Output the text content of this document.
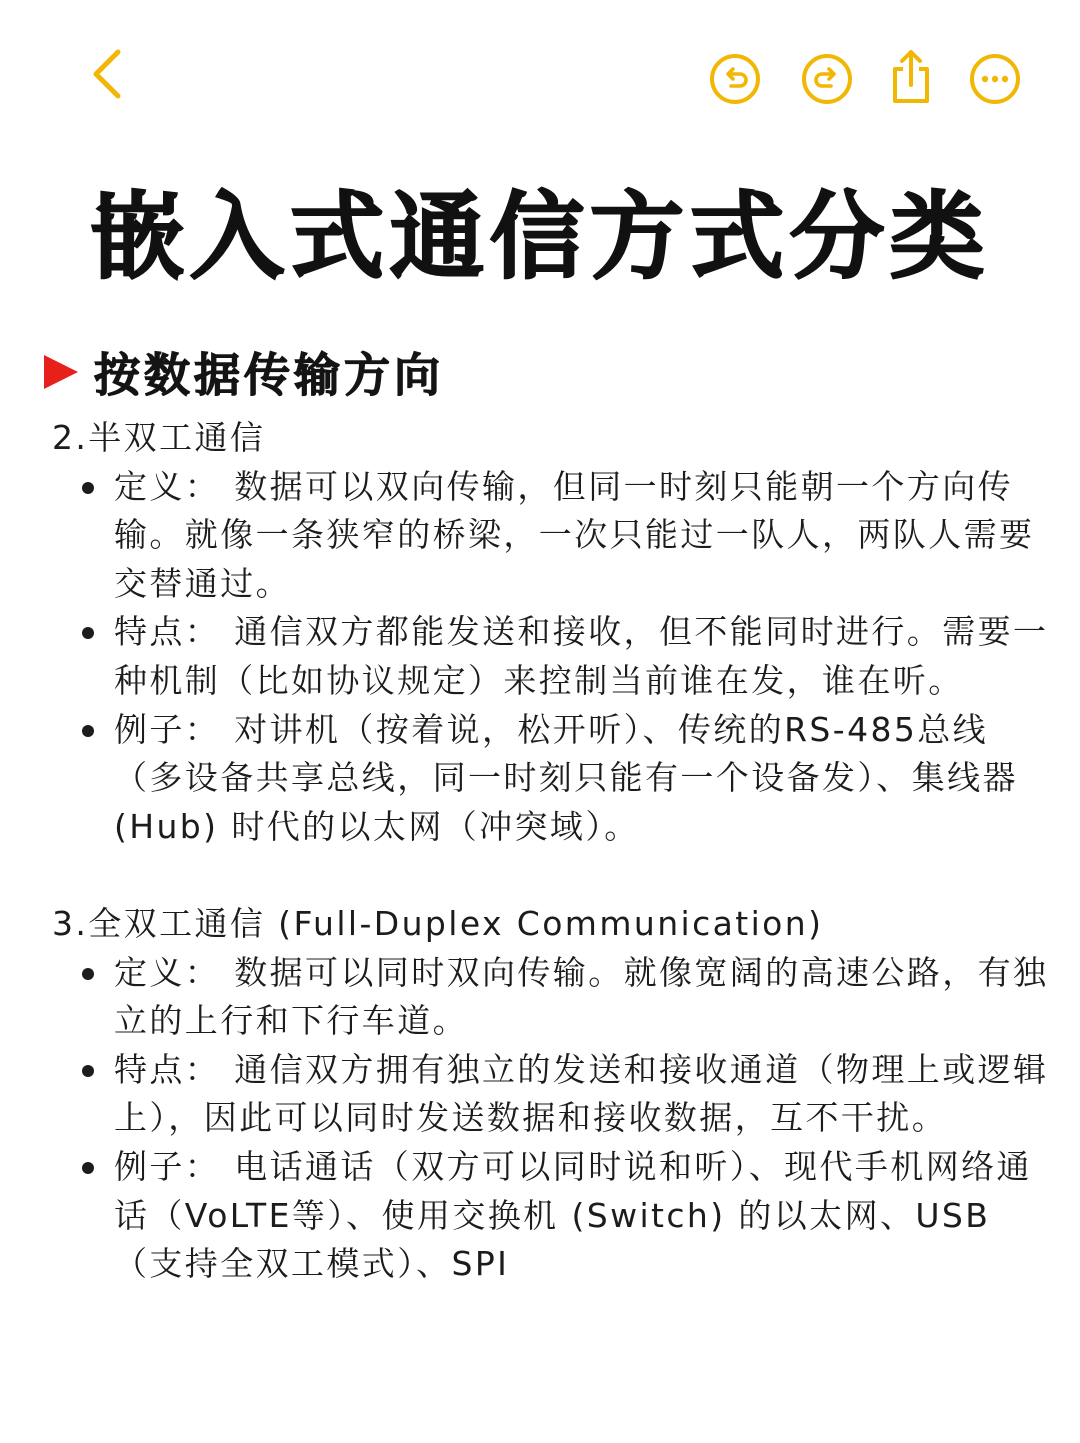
嵌入式通信方式分类
按数据传输方向
2.半双工通信
定义： 数据可以双向传输，但同一时刻只能朝一个方向传输。就像一条狭窄的桥梁，一次只能过一队人，两队人需要交替通过。
特点： 通信双方都能发送和接收，但不能同时进行。需要一种机制（比如协议规定）来控制当前谁在发，谁在听。
例子： 对讲机（按着说，松开听）、传统的RS-485总线（多设备共享总线，同一时刻只能有一个设备发）、集线器 (Hub) 时代的以太网（冲突域）。
3.全双工通信 (Full-Duplex Communication)
定义： 数据可以同时双向传输。就像宽阔的高速公路，有独立的上行和下行车道。
特点： 通信双方拥有独立的发送和接收通道（物理上或逻辑上），因此可以同时发送数据和接收数据，互不干扰。
例子： 电话通话（双方可以同时说和听）、现代手机网络通话（VoLTE等）、使用交换机 (Switch) 的以太网、USB（支持全双工模式）、SPI
